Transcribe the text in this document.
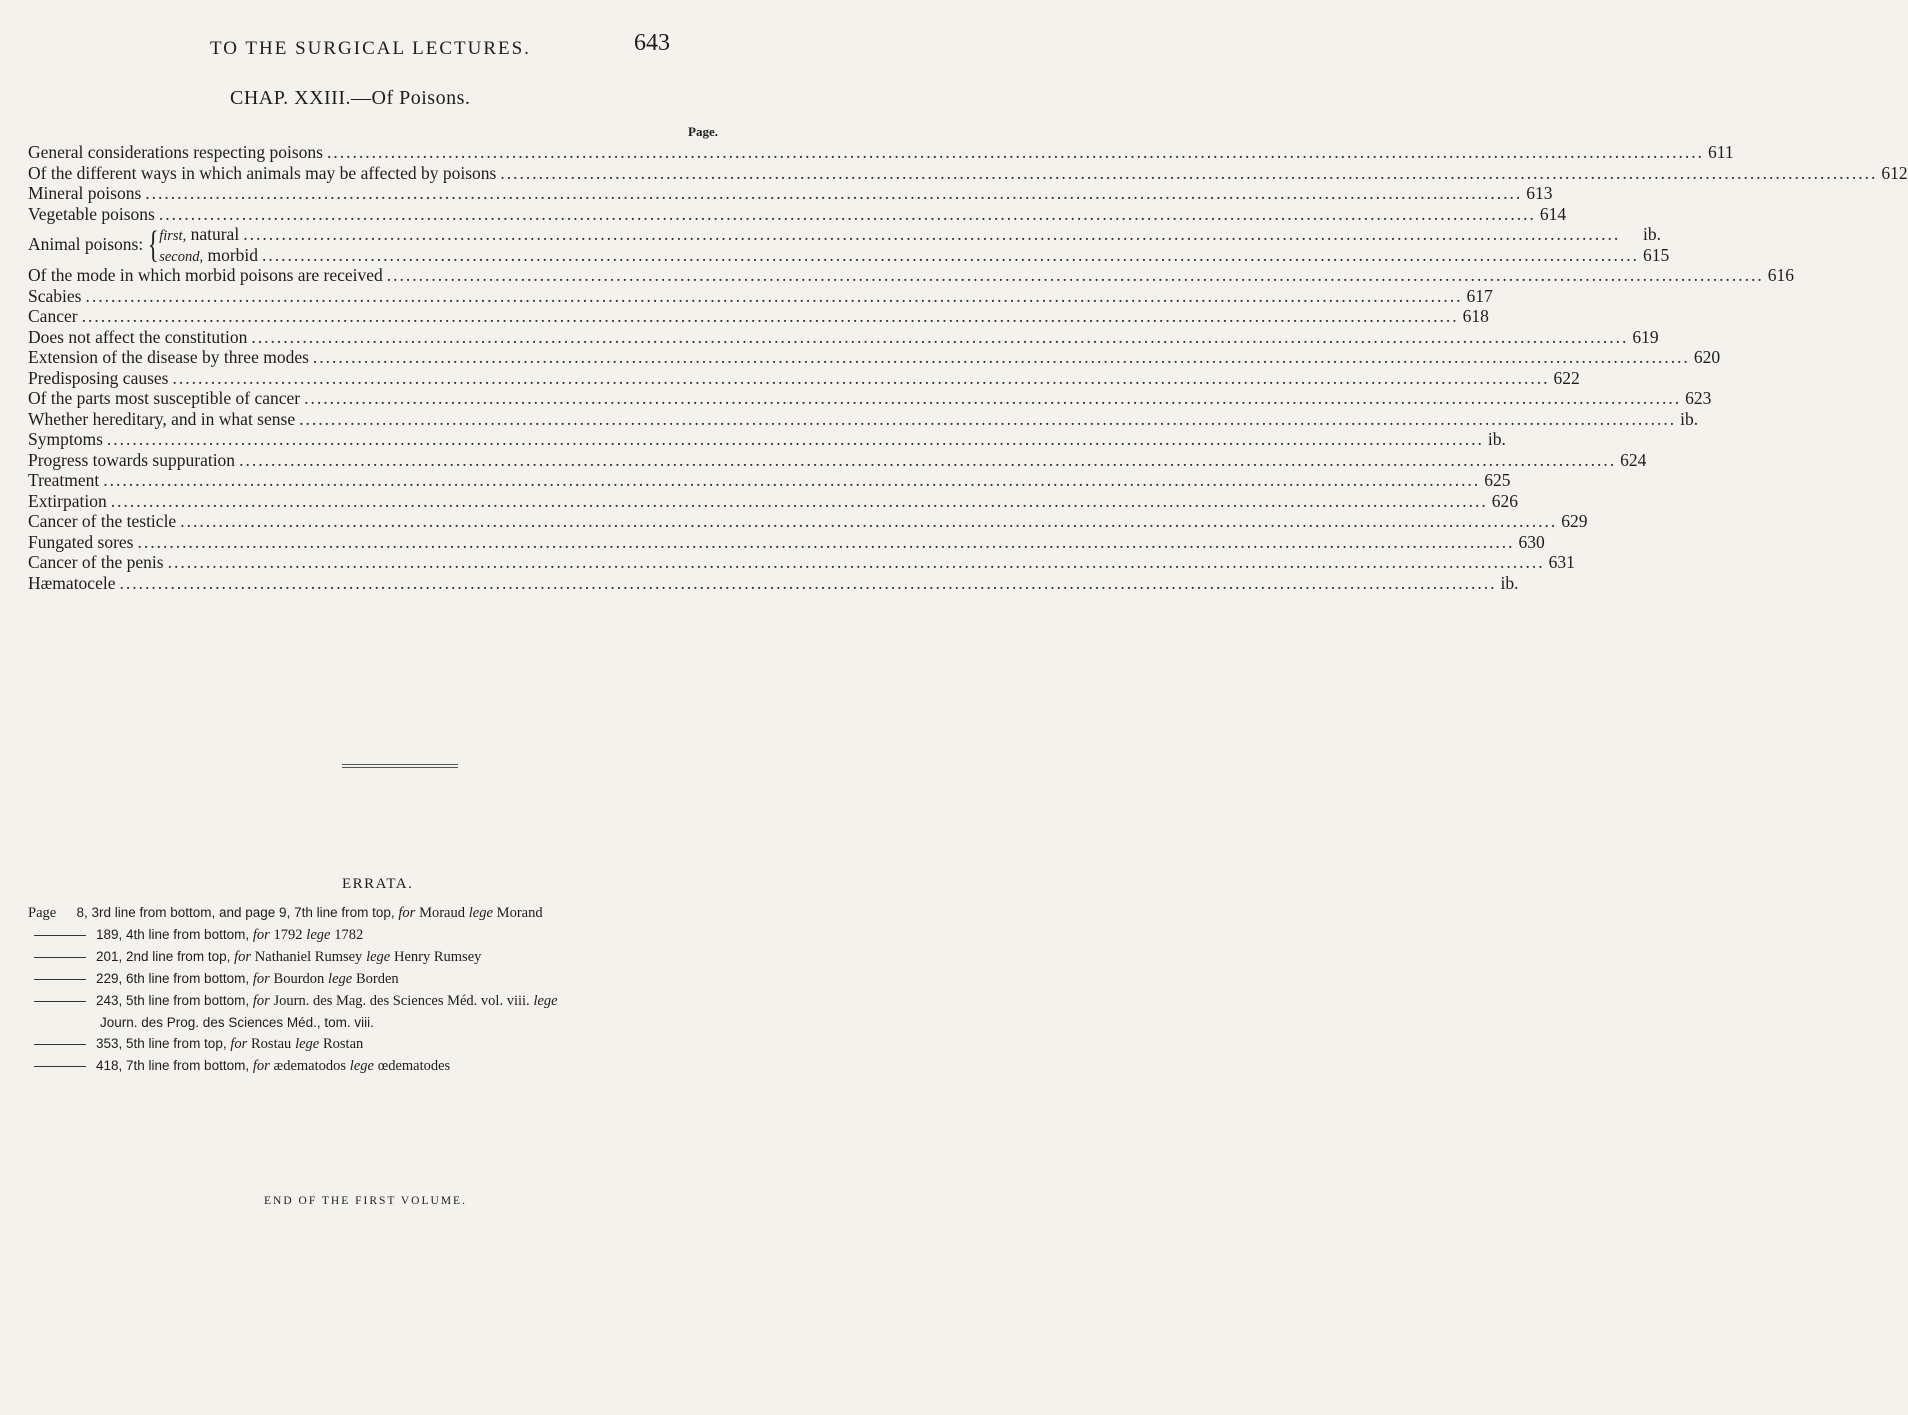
TO THE SURGICAL LECTURES.	643
CHAP. XXIII.—Of Poisons.
Page.
General considerations respecting poisons .....	611
Of the different ways in which animals may be affected by poisons .....	612
Mineral poisons .....	613
Vegetable poisons .....	614
Animal poisons: { first, natural .....	ib.
second, morbid .....	615
Of the mode in which morbid poisons are received .....	616
Scabies .....	617
Cancer .....	618
Does not affect the constitution .....	619
Extension of the disease by three modes .....	620
Predisposing causes .....	622
Of the parts most susceptible of cancer .....	623
Whether hereditary, and in what sense .....	ib.
Symptoms .....	ib.
Progress towards suppuration .....	624
Treatment .....	625
Extirpation .....	626
Cancer of the testicle .....	629
Fungated sores .....	630
Cancer of the penis .....	631
Hæmatocele .....	ib.
ERRATA.
Page   8, 3rd line from bottom, and page 9, 7th line from top, for Moraud lege Morand
189, 4th line from bottom, for 1792 lege 1782
201, 2nd line from top, for Nathaniel Rumsey lege Henry Rumsey
229, 6th line from bottom, for Bourdon lege Borden
243, 5th line from bottom, for Journ. des Mag. des Sciences Méd. vol. viii. lege
Journ. des Prog. des Sciences Méd., tom. viii.
353, 5th line from top, for Rostau lege Rostan
418, 7th line from bottom, for ædematodos lege œdematodes
END OF THE FIRST VOLUME.
